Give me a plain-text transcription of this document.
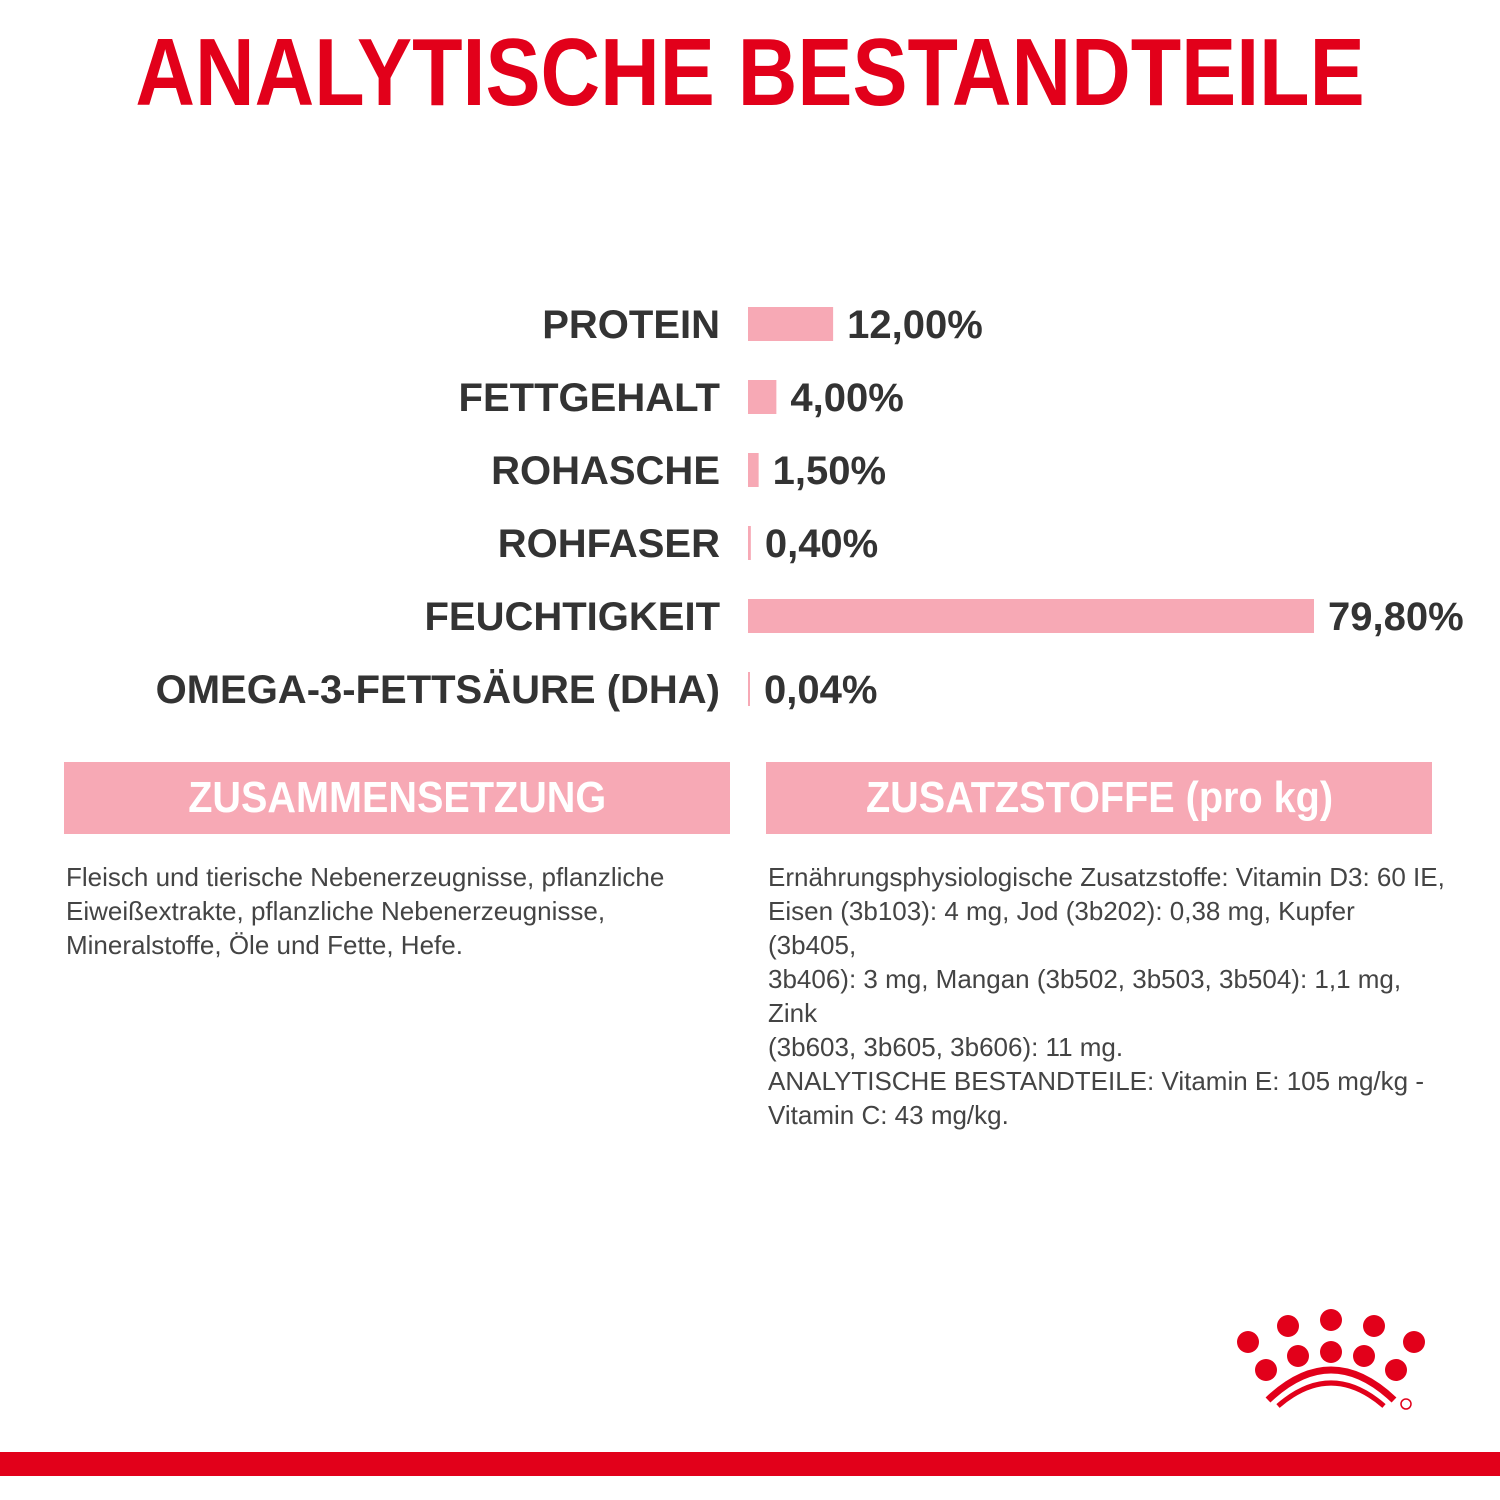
ANALYTISCHE BESTANDTEILE
PROTEIN	12,00%
FETTGEHALT 4,00%
ROHASCHE 1,50%
ROHFASER 0,40%
FEUCHTIGKEIT	79,80%
OMEGA-3-FETTSÄURE (DHA) 0,04%
ZUSAMMENSETZUNG	ZUSATZSTOFFE (pro kg)
Fleisch und tierische Nebenerzeugnisse, pflanzliche
Eiweißextrakte, pflanzliche Nebenerzeugnisse,
Mineralstoffe, Öle und Fette, Hefe.
Ernährungsphysiologische Zusatzstoffe: Vitamin D3: 60 IE,
Eisen (3b103): 4 mg, Jod (3b202): 0,38 mg, Kupfer (3b405,
3b406): 3 mg, Mangan (3b502, 3b503, 3b504): 1,1 mg, Zink
(3b603, 3b605, 3b606): 11 mg.
ANALYTISCHE BESTANDTEILE: Vitamin E: 105 mg/kg -
Vitamin C: 43 mg/kg.
